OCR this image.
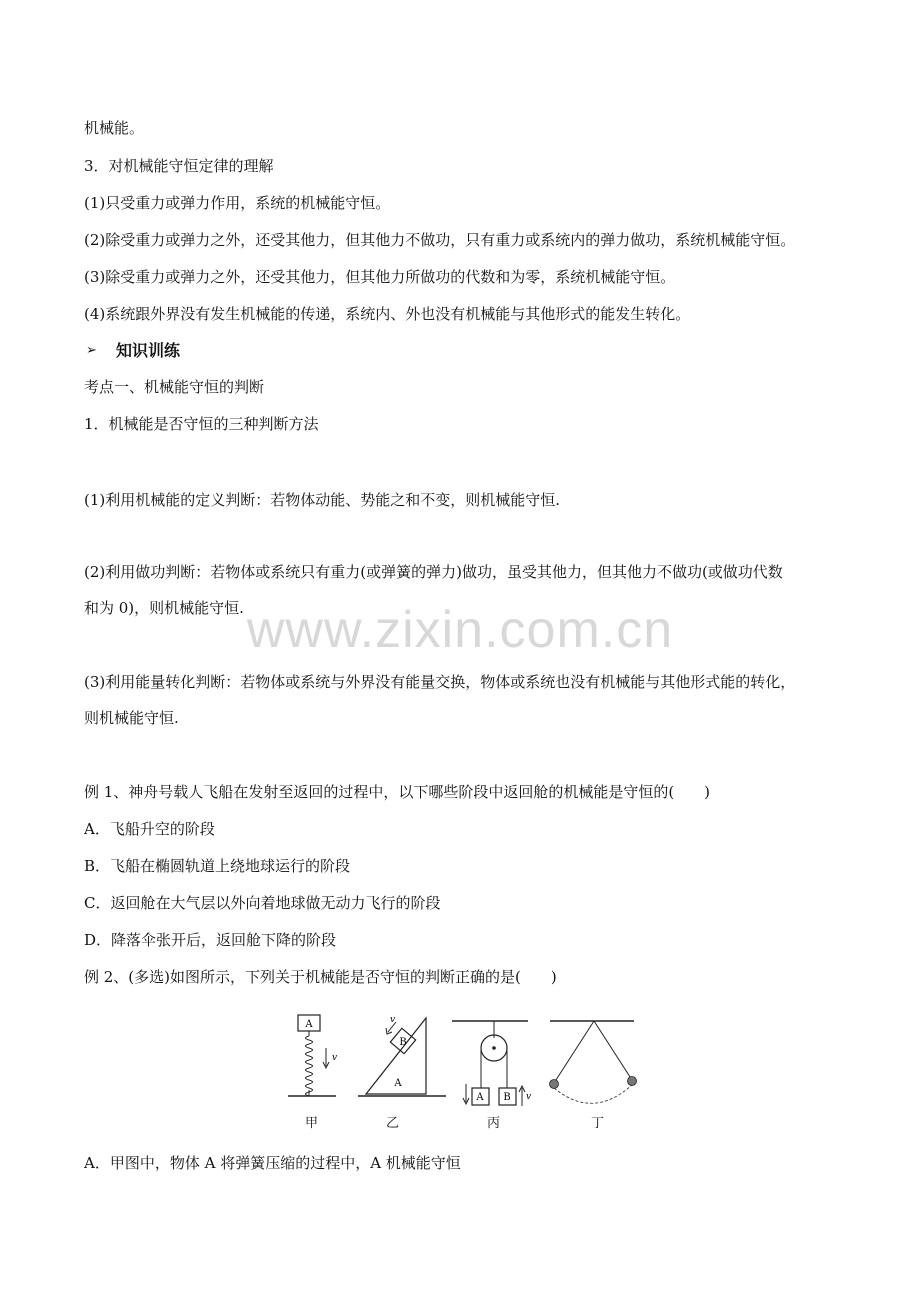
机械能。
3．对机械能守恒定律的理解
(1)只受重力或弹力作用，系统的机械能守恒。
(2)除受重力或弹力之外，还受其他力，但其他力不做功，只有重力或系统内的弹力做功，系统机械能守恒。
(3)除受重力或弹力之外，还受其他力，但其他力所做功的代数和为零，系统机械能守恒。
(4)系统跟外界没有发生机械能的传递，系统内、外也没有机械能与其他形式的能发生转化。
➢ 知识训练
考点一、机械能守恒的判断
1．机械能是否守恒的三种判断方法
(1)利用机械能的定义判断：若物体动能、势能之和不变，则机械能守恒.
(2)利用做功判断：若物体或系统只有重力(或弹簧的弹力)做功，虽受其他力，但其他力不做功(或做功代数
和为 0)，则机械能守恒. www.zixin.com.cn
(3)利用能量转化判断：若物体或系统与外界没有能量交换，物体或系统也没有机械能与其他形式能的转化，
则机械能守恒.
例 1、神舟号载人飞船在发射至返回的过程中，以下哪些阶段中返回舱的机械能是守恒的(　　)
A．飞船升空的阶段
B．飞船在椭圆轨道上绕地球运行的阶段
C．返回舱在大气层以外向着地球做无动力飞行的阶段
D．降落伞张开后，返回舱下降的阶段
例 2、(多选)如图所示，下列关于机械能是否守恒的判断正确的是(　　)
A
v
A
B
v
A B v
甲	乙	丙	丁
A．甲图中，物体 A 将弹簧压缩的过程中，A 机械能守恒
